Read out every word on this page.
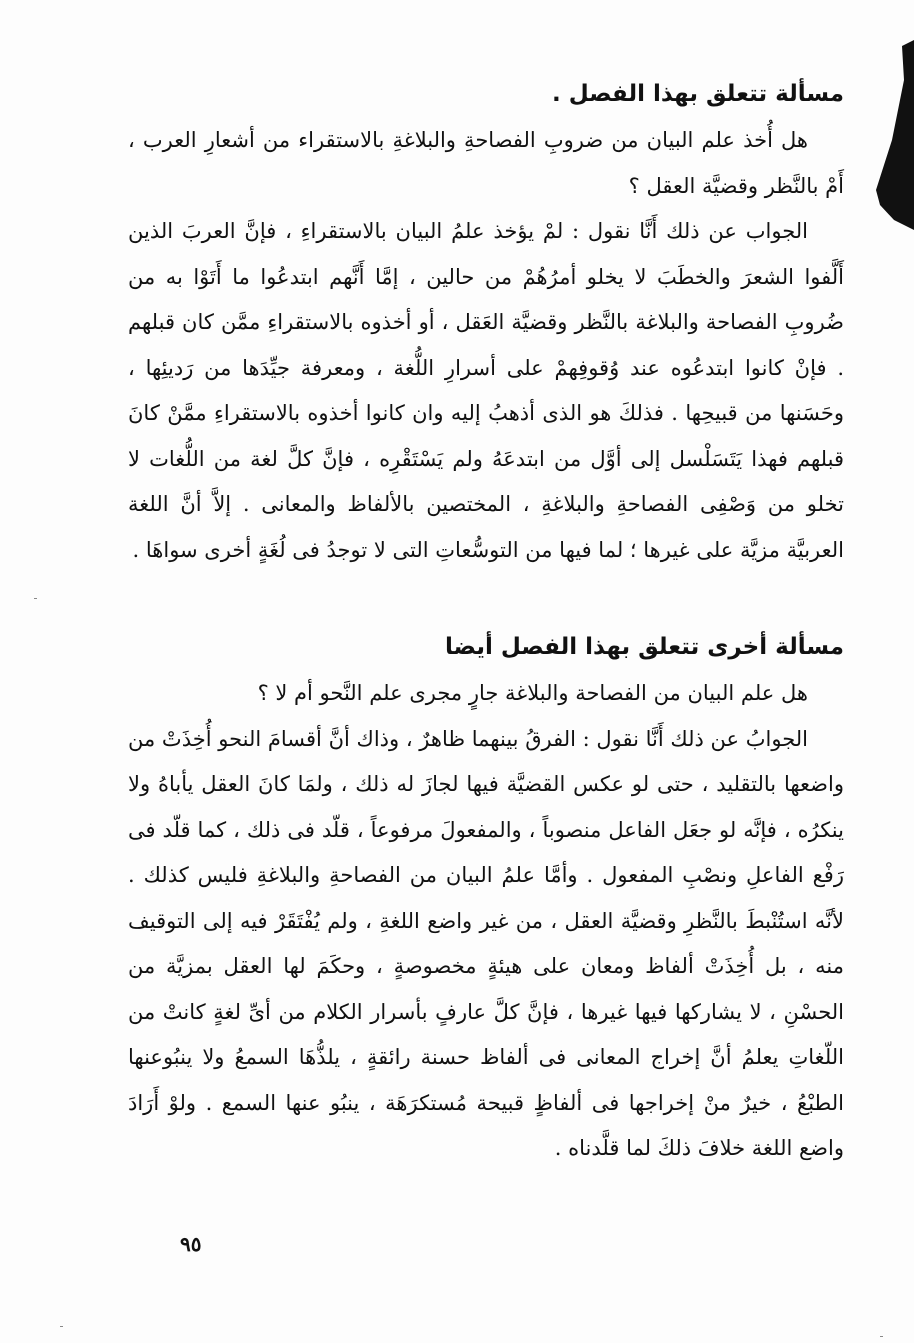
مسألة تتعلق بهذا الفصل .

هل أُخذ علم البيان من ضروبِ الفصاحةِ والبلاغةِ بالاستقراء من أشعارِ العرب ، أَمْ بالنَّظر وقضيَّة العقل ؟

الجواب عن ذلك أَنَّا نقول : لمْ يؤخذ علمُ البيان بالاستقراءِ ، فإنَّ العربَ الذين أَلَّفوا الشعرَ والخطَبَ لا يخلو أمرُهُمْ من حالين ، إمَّا أَنَّهم ابتدعُوا ما أَتَوْا به من ضُروبِ الفصاحة والبلاغة بالنَّظر وقضيَّة العَقل ، أو أخذوه بالاستقراءِ ممَّن كان قبلهم . فإنْ كانوا ابتدعُوه عند وُقوفِهمْ على أسرارِ اللُّغة ، ومعرفة جيِّدَها من رَديئِها ، وحَسَنها من قبيحِها . فذلكَ هو الذى أذهبُ إليه وان كانوا أخذوه بالاستقراءِ ممَّنْ كانَ قبلهم فهذا يَتَسَلْسل إلى أوَّل من ابتدعَهُ ولم يَسْتَقْرِه ، فإنَّ كلَّ لغة من اللُّغات لا تخلو من وَصْفِى الفصاحةِ والبلاغةِ ، المختصين بالألفاظ والمعانى . إلاَّ أنَّ اللغة العربيَّة مزيَّة على غيرها ؛ لما فيها من التوسُّعاتِ التى لا توجدُ فى لُغَةٍ أخرى سواهَا .

مسألة أخرى تتعلق بهذا الفصل أيضا

هل علم البيان من الفصاحة والبلاغة جارٍ مجرى علم النَّحو أم لا ؟

الجوابُ عن ذلك أَنَّا نقول : الفرقُ بينهما ظاهرٌ ، وذاك أنَّ أقسامَ النحو أُخِذَتْ من واضعها بالتقليد ، حتى لو عكس القضيَّة فيها لجازَ له ذلك ، ولمَا كانَ العقل يأباهُ ولا ينكرُه ، فإنَّه لو جعَل الفاعل منصوباً ، والمفعولَ مرفوعاً ، قلّد فى ذلك ، كما قلّد فى رَفْع الفاعلِ ونصْبِ المفعول . وأمَّا علمُ البيان من الفصاحةِ والبلاغةِ فليس كذلك . لأنَّه استُنْبطَ بالنَّظرِ وقضيَّة العقل ، من غير واضع اللغةِ ، ولم يُفْتَقَرْ فيه إلى التوقيف منه ، بل أُخِذَتْ ألفاظ ومعان على هيئةٍ مخصوصةٍ ، وحكَمَ لها العقل بمزيَّة من الحسْنِ ، لا يشاركها فيها غيرها ، فإنَّ كلَّ عارفٍ بأسرار الكلام من أىِّ لغةٍ كانتْ من اللّغاتِ يعلمُ أنَّ إخراج المعانى فى ألفاظ حسنة رائقةٍ ، يلذُّهَا السمعُ ولا ينبُوعنها الطبْعُ ، خيرٌ منْ إخراجها فى ألفاظٍ قبيحة مُستكرَهَة ، ينبُو عنها السمع . ولوْ أَرَادَ واضع اللغة خلافَ ذلكَ لما قلَّدناه .

٩٥
